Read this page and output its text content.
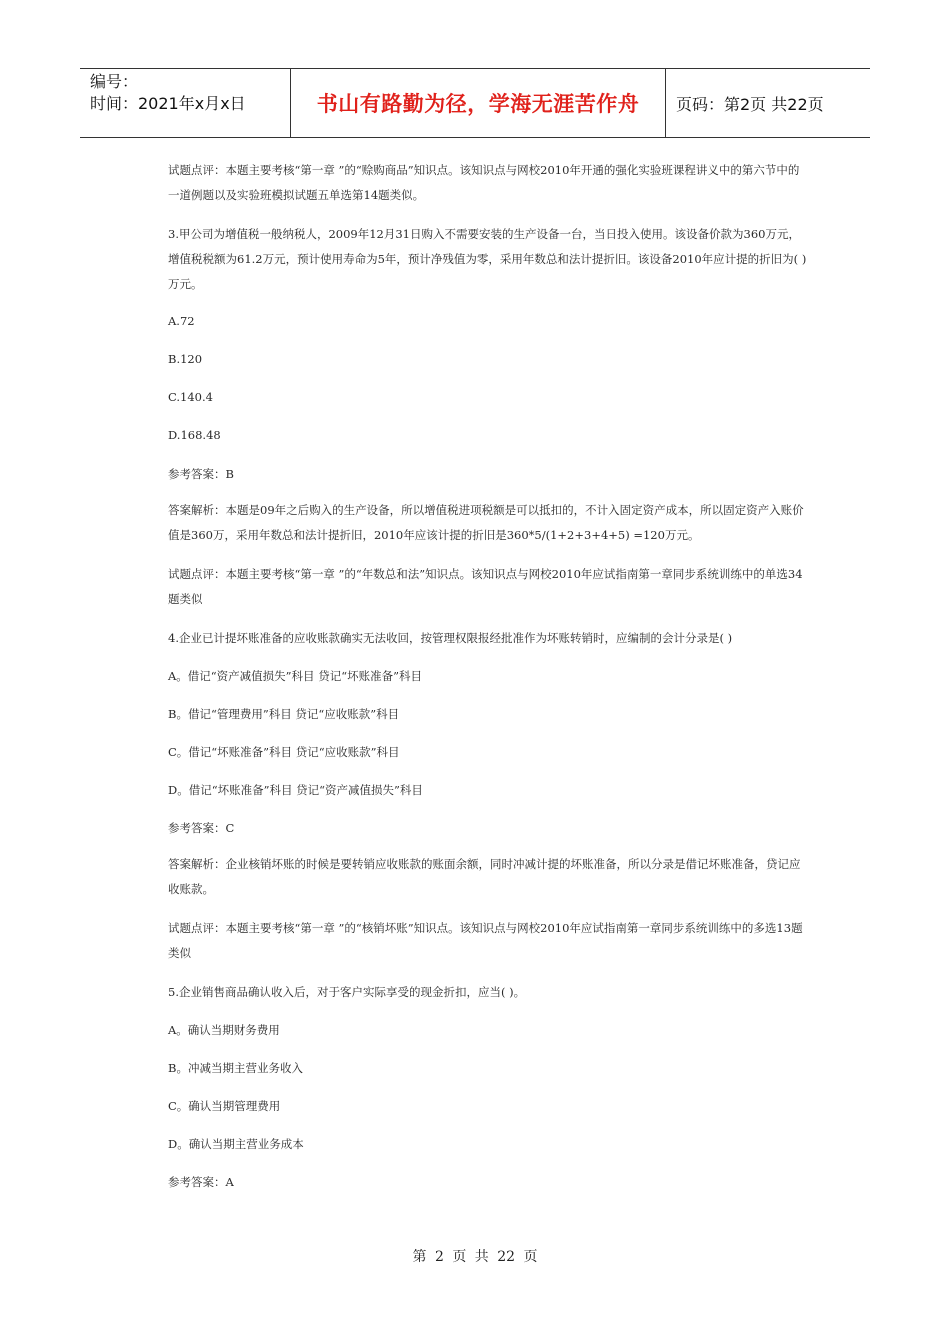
编号：
时间：2021年x月x日	书山有路勤为径，学海无涯苦作舟	页码：第2页 共22页
试题点评：本题主要考核“第一章 ”的“赊购商品”知识点。该知识点与网校2010年开通的强化实验班课程讲义中的第六节中的一道例题以及实验班模拟试题五单选第14题类似。
3.甲公司为增值税一般纳税人，2009年12月31日购入不需要安装的生产设备一台，当日投入使用。该设备价款为360万元，增值税税额为61.2万元，预计使用寿命为5年，预计净残值为零，采用年数总和法计提折旧。该设备2010年应计提的折旧为( )万元。
A.72
B.120
C.140.4
D.168.48
参考答案：B
答案解析：本题是09年之后购入的生产设备，所以增值税进项税额是可以抵扣的，不计入固定资产成本，所以固定资产入账价值是360万，采用年数总和法计提折旧，2010年应该计提的折旧是360*5/(1+2+3+4+5) =120万元。
试题点评：本题主要考核“第一章 ”的“年数总和法”知识点。该知识点与网校2010年应试指南第一章同步系统训练中的单选34题类似
4.企业已计提坏账准备的应收账款确实无法收回，按管理权限报经批准作为坏账转销时，应编制的会计分录是( )
A。借记“资产减值损失”科目 贷记“坏账准备”科目
B。借记“管理费用”科目 贷记“应收账款”科目
C。借记“坏账准备”科目 贷记“应收账款”科目
D。借记“坏账准备”科目 贷记“资产减值损失”科目
参考答案：C
答案解析：企业核销坏账的时候是要转销应收账款的账面余额，同时冲减计提的坏账准备，所以分录是借记坏账准备，贷记应收账款。
试题点评：本题主要考核“第一章 ”的“核销坏账”知识点。该知识点与网校2010年应试指南第一章同步系统训练中的多选13题类似
5.企业销售商品确认收入后，对于客户实际享受的现金折扣，应当( )。
A。确认当期财务费用
B。冲减当期主营业务收入
C。确认当期管理费用
D。确认当期主营业务成本
参考答案：A
第 2 页 共 22 页
